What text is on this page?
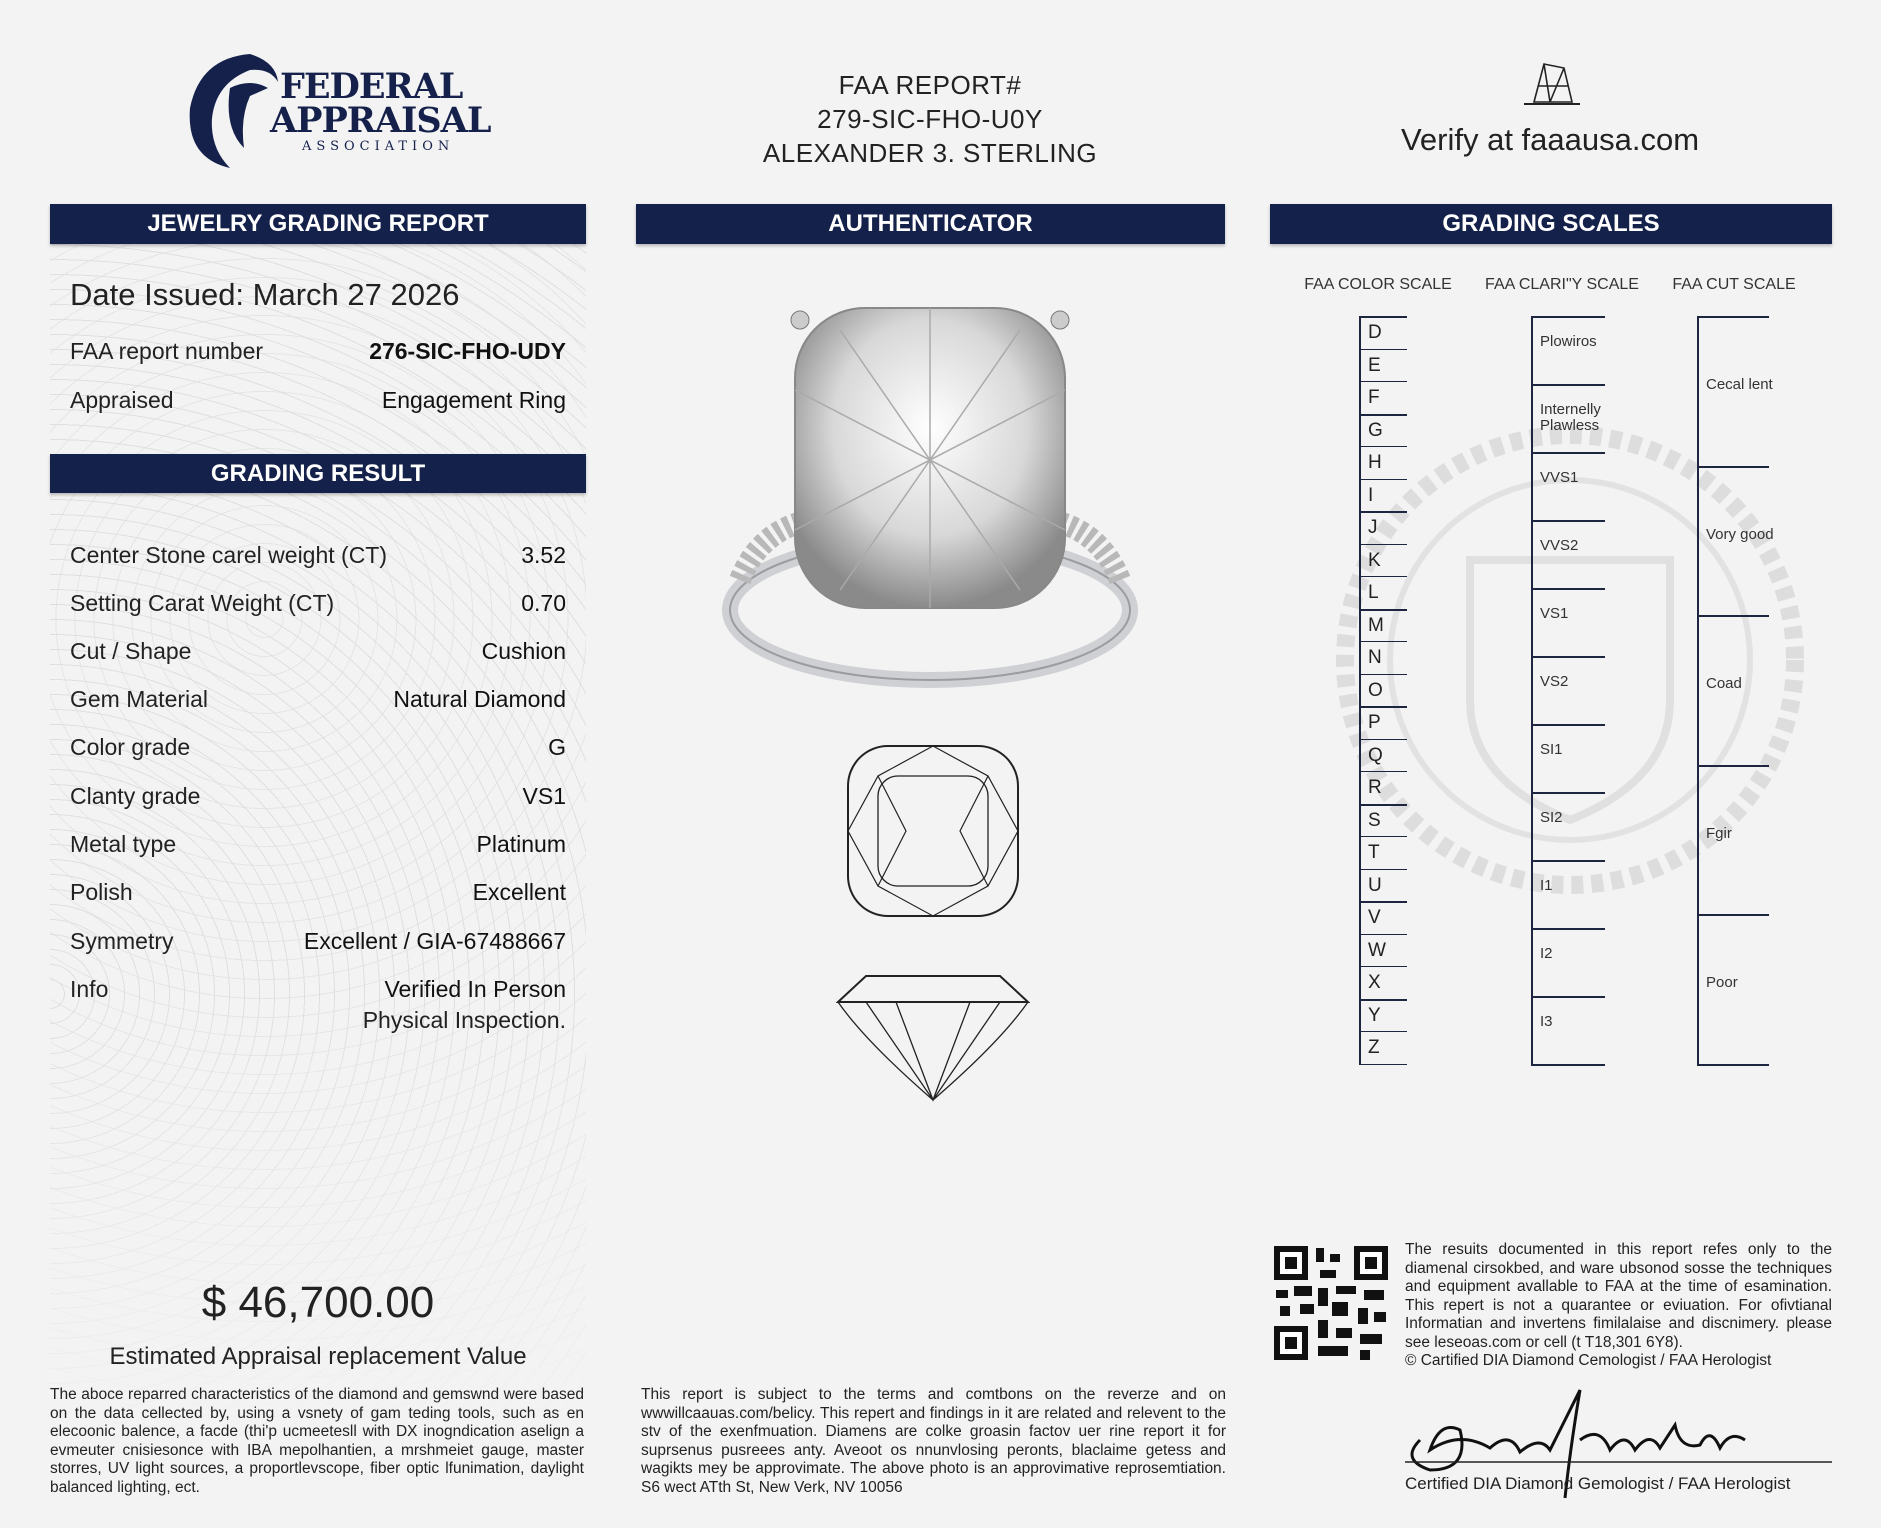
FEDERAL
APPRAISAL
ASSOCIATION
FAA REPORT#
279-SIC-FHO-U0Y
ALEXANDER 3. STERLING	Verify at faaausa.com
JEWELRY GRADING REPORT	AUTHENTICATOR	GRADING SCALES
Date Issued: March 27 2026
FAA report number	276-SIC-FHO-UDY
Appraised	Engagement Ring
GRADING RESULT
Center Stone carel weight (CT)	3.52
Setting Carat Weight (CT)	0.70
Cut / Shape	Cushion
Gem Material	Natural Diamond
Color grade	G
Clanty grade	VS1
Metal type	Platinum
Polish	Excellent
Symmetry	Excellent / GIA-67488667
Info	Verified In Person
Physical Inspection.
$ 46,700.00
Estimated Appraisal replacement Value
FAA COLOR SCALE FAA CLARI"Y SCALE FAA CUT SCALE
D
E
F
G
H
I
J
K
L
M
N
O
P
Q
R
S
T
U
V
W
X
Y
Z
Plowiros
Internelly Plawless
VVS1
VVS2
VS1
VS2
SI1
SI2
I1
I2
I3
Cecal lent
Vory good
Coad
Fgir
Poor
The aboce reparred characteristics of the diamond and gemswnd were based on the data cellected by, using a vsnety of gam teding tools, such as en elecoonic balence, a facde (thi'p ucmeetesll with DX inogndication aselign a evmeuter cnisiesonce with IBA mepolhantien, a mrshmeiet gauge, master storres, UV light sources, a proportlevscope, fiber optic lfunimation, daylight balanced lighting, ect.
This report is subject to the terms and comtbons on the reverze and on wwwillcaauas.com/belicy. This repert and findings in it are related and relevent to the stv of the exenfmuation. Diamens are colke groasin factov uer rine report it for suprsenus pusreees anty. Aveoot os nnunvlosing peronts, blaclaime getess and wagikts mey be approvimate. The above photo is an approvimative reprosemtiation. S6 wect ATth St, New Verk, NV 10056
The resuits documented in this report refes only to the diamenal cirsokbed, and ware ubsonod sosse the techniques and equipment avallable to FAA at the time of esamination. This repert is not a quarantee or eviuation. For ofivtianal Informatian and invertens fimilalaise and discnimery. please see leseoas.com or cell (t T18,301 6Y8).

© Cartified DIA Diamond Cemologist / FAA Herologist
Certified DIA Diamond Gemologist / FAA Herologist
